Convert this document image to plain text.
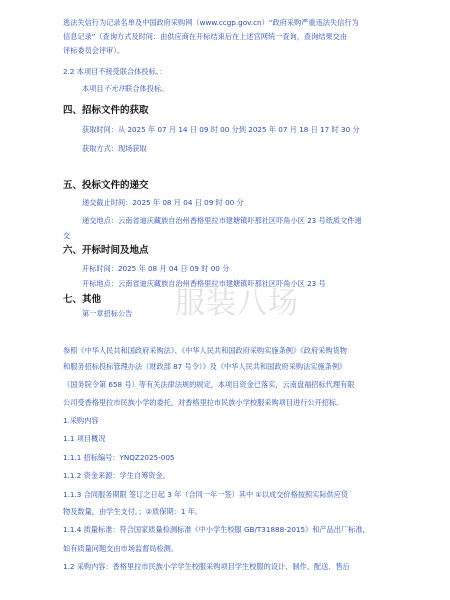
逃法失信行为记录名单及中国政府采购网（www.ccgp.gov.cn）“政府采购严重违法失信行为
信息记录”（查询方式及时间：由供应商在开标结束后在上述官网统一查询，查询结果交由
评标委员会评审）。
2.2 本项目不接受联合体投标。：
本项目不允许联合体投标。
四、招标文件的获取
获取时间：从 2025 年 07 月 14 日 09 时 00 分到 2025 年 07 月 18 日 17 时 30 分
获取方式：现场获取
五、投标文件的递交
递交截止时间：2025 年 08 月 04 日 09 时 00 分
递交地点：云南省迪庆藏族自治州香格里拉市建塘镇吓那社区吓角小区 23 号纸质文件递
交
六、开标时间及地点
开标时间：2025 年 08 月 04 日 09 时 00 分
开标地点：云南省迪庆藏族自治州香格里拉市建塘镇吓那社区吓角小区 23 号
七、其他
第一章招标公告
参照《中华人民共和国政府采购法》、《中华人民共和国政府采购实施条例》《政府采购货物
和服务招标投标管理办法（财政部 87 号令）》及《中华人民共和国政府采购法实施条例》
（国务院令第 658 号）等有关法律法规的规定，本项目资金已落实，云南盘福招标代理有限
公司受香格里拉市民族小学的委托，对香格里拉市民族小学校服采购项目进行公开招标。
1.采购内容
1.1 项目概况
1.1.1 招标编号：YNQZ2025-005
1.1.2 资金来源：学生自筹资金。
1.1.3 合同服务期限 签订之日起 3 年（合同一年一签）其中 ①以成交价格按照实际供应货
物及数量，由学生支付。；②质保期：1 年。
1.1.4 质量标准：符合国家质量检测标准《中小学生校服 GB/T31888-2015》和产品出厂标准，
如有质量问题交由市场监督局检测。
1.2 采购内容：香格里拉市民族小学学生校服采购项目学生校服的设计、制作、配送、售后
服装八场
